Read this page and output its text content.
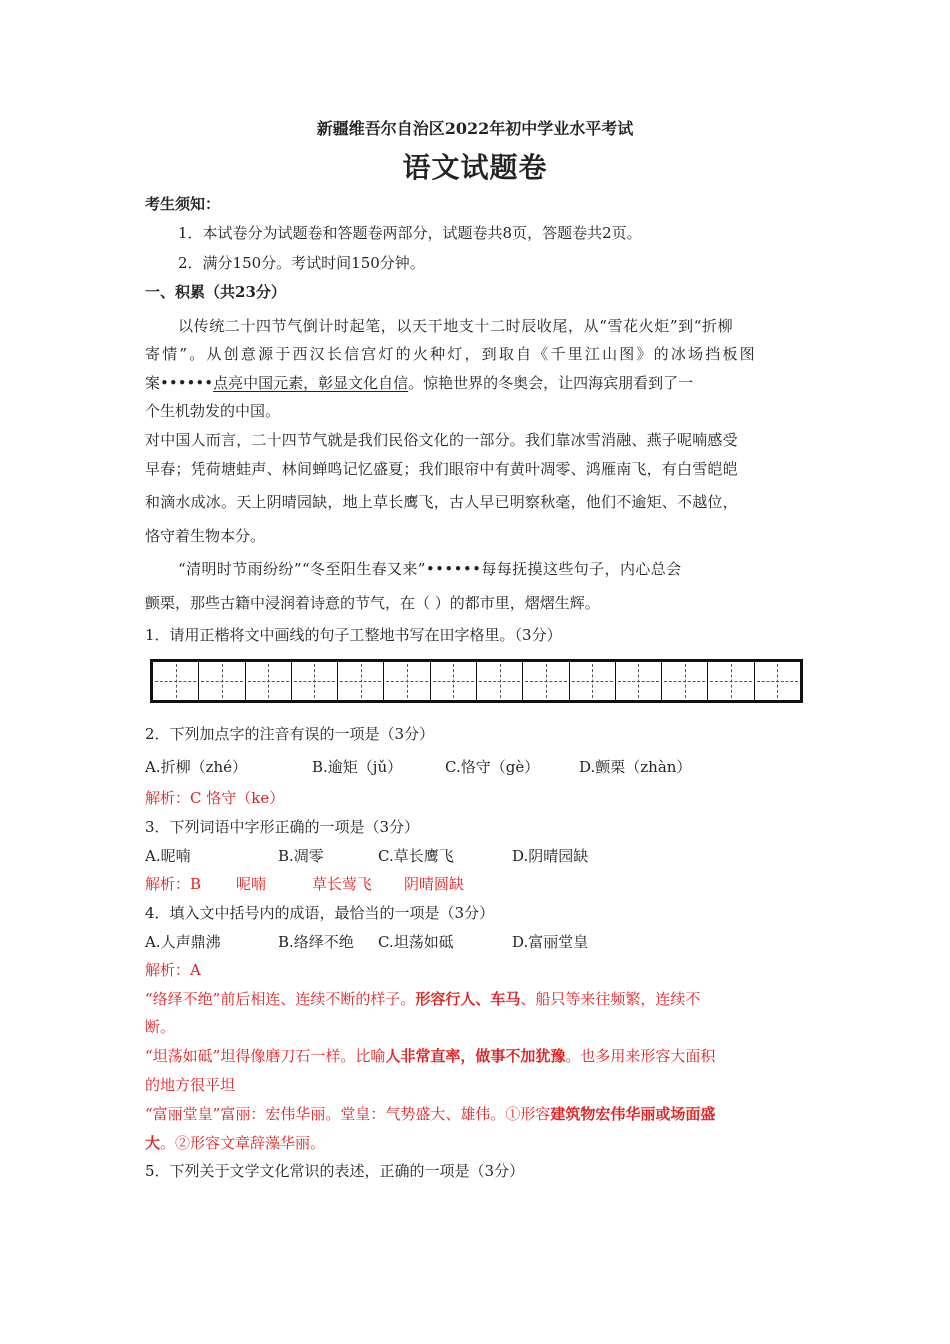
新疆维吾尔自治区2022年初中学业水平考试
语文试题卷
考生须知：
1．本试卷分为试题卷和答题卷两部分，试题卷共8页，答题卷共2页。
2．满分150分。考试时间150分钟。
一、积累（共23分）
以传统二十四节气倒计时起笔，以天干地支十二时辰收尾，从“雪花火炬”到“折柳
寄情”。从创意源于西汉长信宫灯的火种灯，到取自《千里江山图》的冰场挡板图
案••••••点亮中国元素，彰显文化自信。惊艳世界的冬奥会，让四海宾朋看到了一
个生机勃发的中国。
对中国人而言，二十四节气就是我们民俗文化的一部分。我们靠冰雪消融、燕子呢喃感受
早春；凭荷塘蛙声、林间蝉鸣记忆盛夏；我们眼帘中有黄叶凋零、鸿雁南飞，有白雪皑皑
和滴水成冰。天上阴晴园缺，地上草长鹰飞，古人早已明察秋毫，他们不逾矩、不越位，
恪守着生物本分。
“清明时节雨纷纷”“冬至阳生春又来”••••••每每抚摸这些句子，内心总会
颤栗，那些古籍中浸润着诗意的节气，在（ ）的都市里，熠熠生辉。
1．请用正楷将文中画线的句子工整地书写在田字格里。（3分）
2．下列加点字的注音有误的一项是（3分）
A.折柳（zhé）	B.逾矩（jǔ）	C.恪守（gè）	D.颤栗（zhàn）
解析：C 恪守（ke）
3．下列词语中字形正确的一项是（3分）
A.昵喃	B.凋零	C.草长鹰飞	D.阴晴园缺
解析：B 呢喃	草长莺飞 阴晴圆缺
4．填入文中括号内的成语，最恰当的一项是（3分）
A.人声鼎沸	B.络绎不绝 C.坦荡如砥	D.富丽堂皇
解析：A
“络绎不绝”前后相连、连续不断的样子。形容行人、车马、船只等来往频繁，连续不
断。
“坦荡如砥”坦得像磨刀石一样。比喻人非常直率，做事不加犹豫。也多用来形容大面积
的地方很平坦
“富丽堂皇”富丽：宏伟华丽。堂皇：气势盛大、雄伟。①形容建筑物宏伟华丽或场面盛
大。②形容文章辞藻华丽。
5．下列关于文学文化常识的表述，正确的一项是（3分）
